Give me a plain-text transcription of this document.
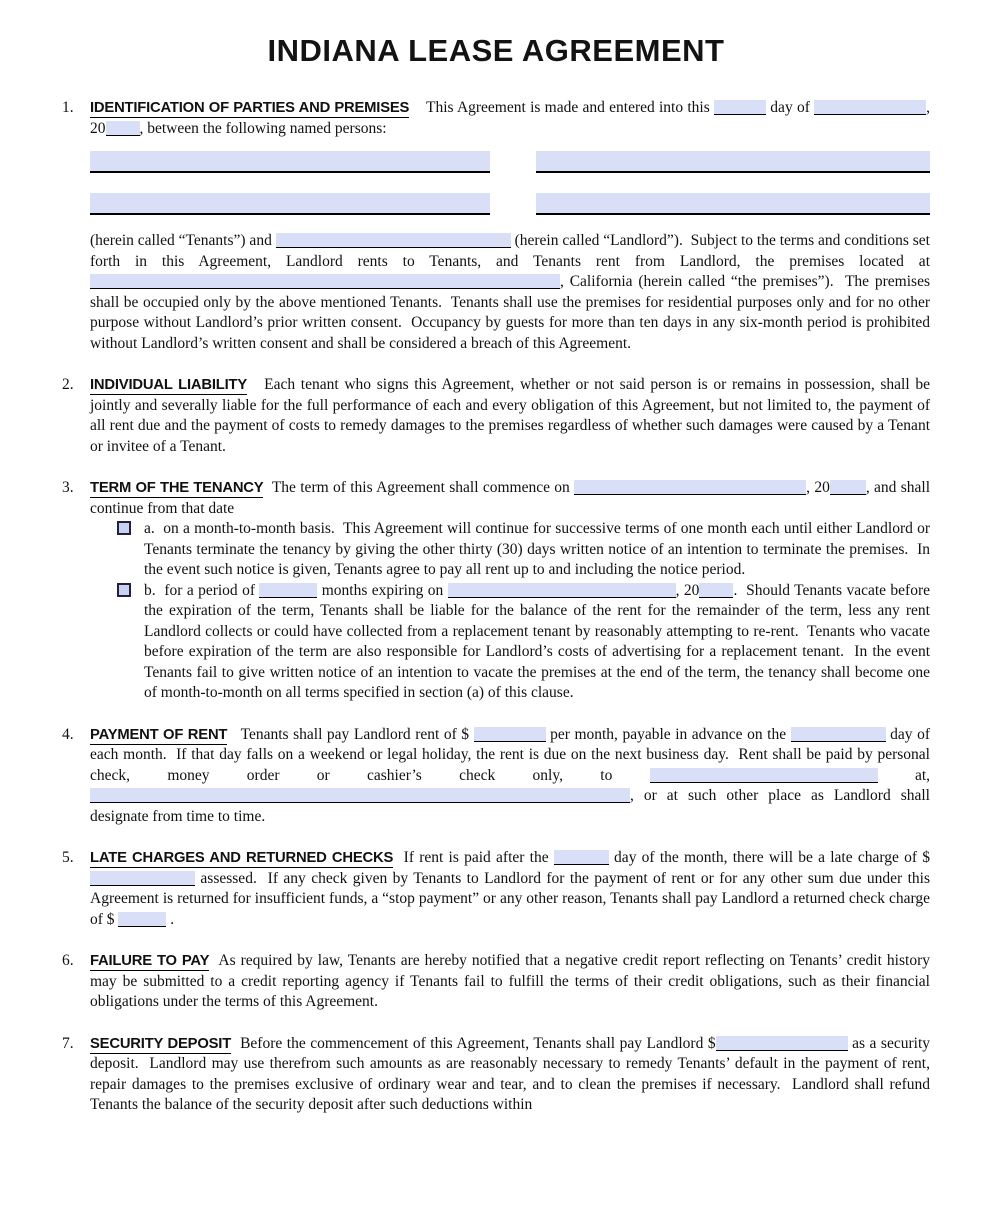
INDIANA LEASE AGREEMENT
1.	IDENTIFICATION OF PARTIES AND PREMISES    This Agreement is made and entered into this	day of	, 20 , between the following named persons:
(herein called “Tenants”) and	(herein called “Landlord”).  Subject to the terms and conditions set forth in this Agreement, Landlord rents to Tenants, and Tenants rent from Landlord, the premises located at , California (herein called “the premises”).  The premises shall be occupied only by the above mentioned Tenants.  Tenants shall use the premises for residential purposes only and for no other purpose without Landlord’s prior written consent.  Occupancy by guests for more than ten days in any six-month period is prohibited without Landlord’s written consent and shall be considered a breach of this Agreement.
2.	INDIVIDUAL LIABILITY   Each tenant who signs this Agreement, whether or not said person is or remains in possession, shall be jointly and severally liable for the full performance of each and every obligation of this Agreement, but not limited to, the payment of all rent due and the payment of costs to remedy damages to the premises regardless of whether such damages were caused by a Tenant or invitee of a Tenant.
3.	TERM OF THE TENANCY  The term of this Agreement shall commence on	, 20 , and shall continue from that date
a.  on a month-to-month basis.  This Agreement will continue for successive terms of one month each until either Landlord or Tenants terminate the tenancy by giving the other thirty (30) days written notice of an intention to terminate the premises.  In the event such notice is given, Tenants agree to pay all rent up to and including the notice period.
b.  for a period of	months expiring on	, 20 .  Should Tenants vacate before the expiration of the term, Tenants shall be liable for the balance of the rent for the remainder of the term, less any rent Landlord collects or could have collected from a replacement tenant by reasonably attempting to re-rent.  Tenants who vacate before expiration of the term are also responsible for Landlord’s costs of advertising for a replacement tenant.  In the event Tenants fail to give written notice of an intention to vacate the premises at the end of the term, the tenancy shall become one of month-to-month on all terms specified in section (a) of this clause.
4.	PAYMENT OF RENT   Tenants shall pay Landlord rent of $	per month, payable in advance on the	day of each month.  If that day falls on a weekend or legal holiday, the rent is due on the next business day.  Rent shall be paid by personal check, money order or cashier’s check only, to	at, , or at such other place as Landlord shall designate from time to time.
5.	LATE CHARGES AND RETURNED CHECKS  If rent is paid after the	day of the month, there will be a late charge of $  assessed.  If any check given by Tenants to Landlord for the payment of rent or for any other sum due under this Agreement is returned for insufficient funds, a “stop payment” or any other reason, Tenants shall pay Landlord a returned check charge of $	.
6.	FAILURE TO PAY  As required by law, Tenants are hereby notified that a negative credit report reflecting on Tenants’ credit history may be submitted to a credit reporting agency if Tenants fail to fulfill the terms of their credit obligations, such as their financial obligations under the terms of this Agreement.
7.	SECURITY DEPOSIT  Before the commencement of this Agreement, Tenants shall pay Landlord $	as a security deposit.  Landlord may use therefrom such amounts as are reasonably necessary to remedy Tenants’ default in the payment of rent, repair damages to the premises exclusive of ordinary wear and tear, and to clean the premises if necessary.  Landlord shall refund Tenants the balance of the security deposit after such deductions within
